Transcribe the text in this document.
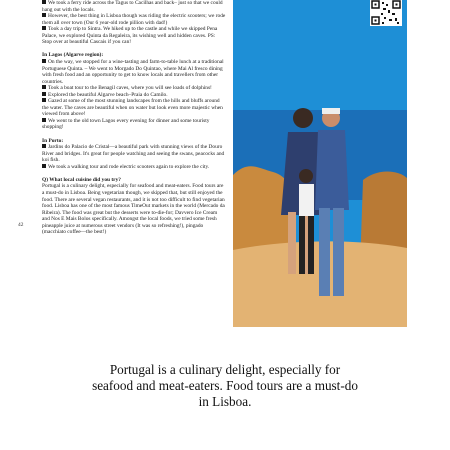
We took a ferry ride across the Tagus to Cacilhas and back– just so that we could hang out with the locals.

However, the best thing in Lisboa though was riding the electric scooters; we rode them all over town (Our 6 year-old rode pillion with dad!)

Took a day trip to Sintra. We hiked up to the castle and while we skipped Pena Palace, we explored Quinta da Regaleira, its wishing well and hidden caves. PS: Stop over at beautiful Cascais if you can!

In Lagos (Algarve region):

On the way, we stopped for a wine-tasting and farm-to-table lunch at a traditional Portuguese Quinta. – We went to Morgado Do Quintao, where Mai Al fresco dining with fresh food and an opportunity to get to know locals and travellers from other countries.

Took a boat tour to the Benagil caves, where you will see loads of dolphins!

Explored the beautiful Algarve beach–Praia do Camilo.

Gazed at some of the most stunning landscapes from the hills and bluffs around the water. The caves are beautiful when on water but look even more majestic when viewed from above!

We went to the old town Lagos every evening for dinner and some touristy shopping!

In Porto:

Jardins do Palacio de Cristal—a beautiful park with stunning views of the Douro River and bridges. It's great for people watching and seeing the swans, peacocks and koi fish.

We took a walking tour and rode electric scooters again to explore the city.

Q) What local cuisine did you try?

Portugal is a culinary delight, especially for seafood and meat-eaters. Food tours are a must-do in Lisboa. Being vegetarian though, we skipped that, but still enjoyed the food. There are several vegan restaurants, and it is not too difficult to find vegetarian food. Lisboa has one of the most famous TimeOut markets in the world (Mercado da Ribeira). The food was great but the desserts were to-die-for; Davvero Ice Cream and Nos E Mais Bolos specifically. Amongst the local foods, we tried some fresh pineapple juice at numerous street vendors (It was so refreshing!), pingado (macchiato coffee—the best!)

42
Portugal is a culinary delight, especially for seafood and meat-eaters. Food tours are a must-do in Lisboa.
